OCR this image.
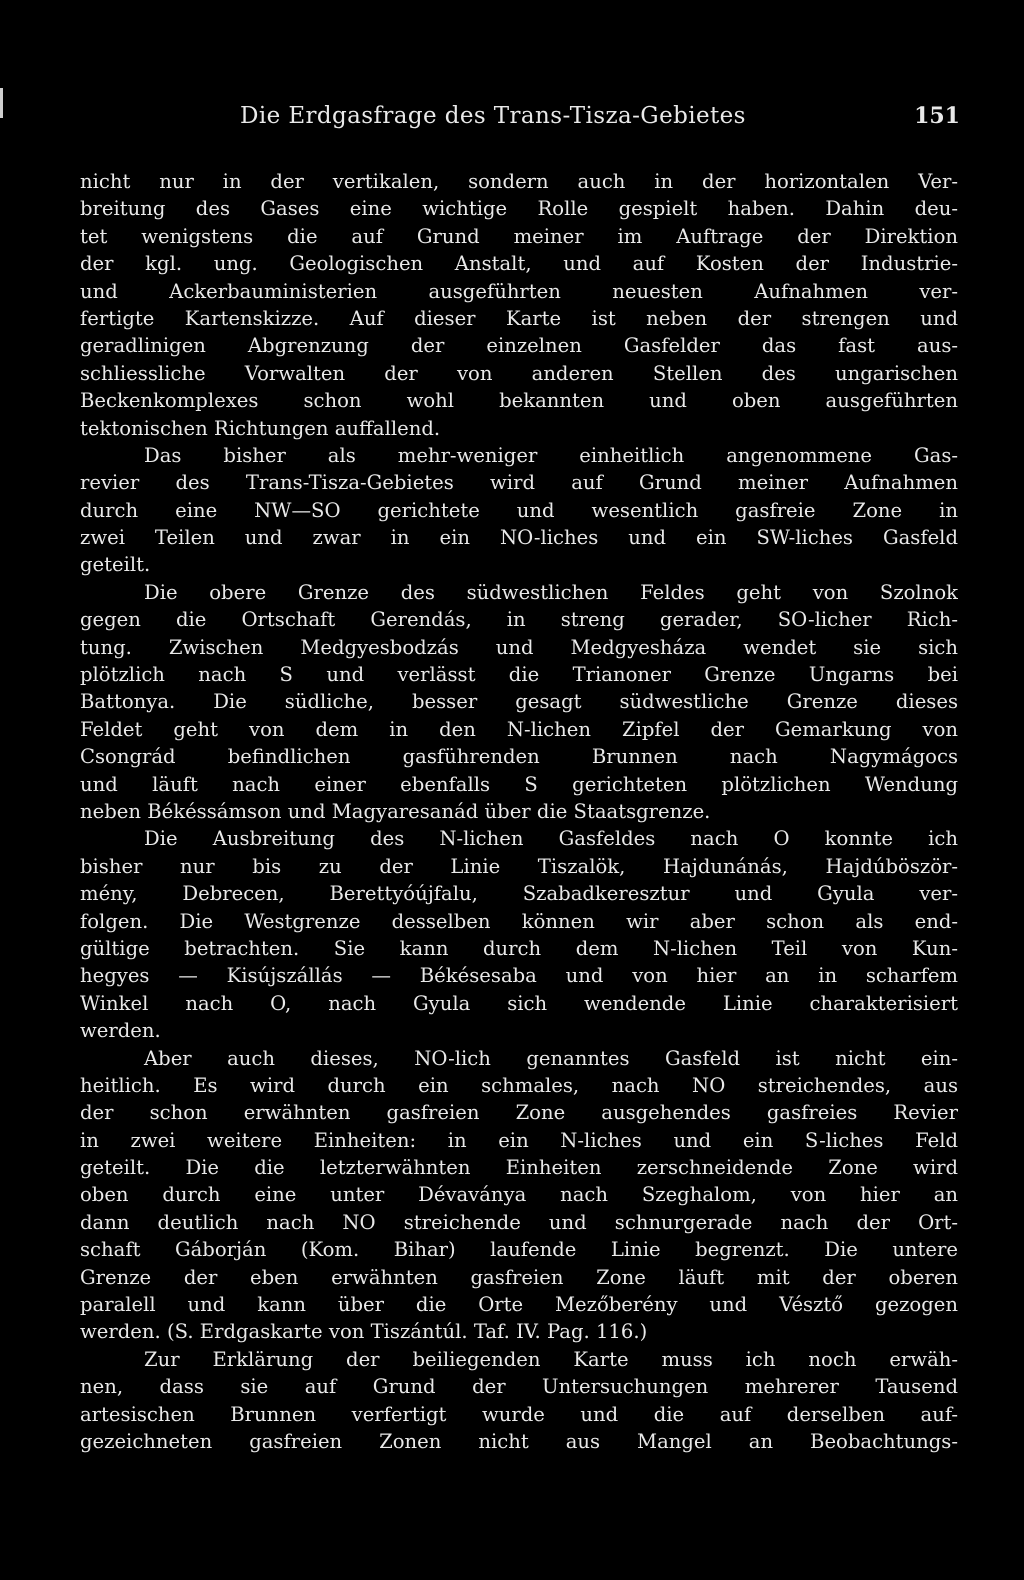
Die Erdgasfrage des Trans-Tisza-Gebietes	151
nicht nur in der vertikalen, sondern auch in der horizontalen Ver-
breitung des Gases eine wichtige Rolle gespielt haben. Dahin deu-
tet wenigstens die auf Grund meiner im Auftrage der Direktion
der kgl. ung. Geologischen Anstalt, und auf Kosten der Industrie-
und Ackerbauministerien ausgeführten neuesten Aufnahmen ver-
fertigte Kartenskizze. Auf dieser Karte ist neben der strengen und
geradlinigen Abgrenzung der einzelnen Gasfelder das fast aus-
schliessliche Vorwalten der von anderen Stellen des ungarischen
Beckenkomplexes schon wohl bekannten und oben ausgeführten
tektonischen Richtungen auffallend.
Das bisher als mehr-weniger einheitlich angenommene Gas-
revier des Trans-Tisza-Gebietes wird auf Grund meiner Aufnahmen
durch eine NW—SO gerichtete und wesentlich gasfreie Zone in
zwei Teilen und zwar in ein NO-liches und ein SW-liches Gasfeld
geteilt.
Die obere Grenze des südwestlichen Feldes geht von Szolnok
gegen die Ortschaft Gerendás, in streng gerader, SO-licher Rich-
tung. Zwischen Medgyesbodzás und Medgyesháza wendet sie sich
plötzlich nach S und verlässt die Trianoner Grenze Ungarns bei
Battonya. Die südliche, besser gesagt südwestliche Grenze dieses
Feldet geht von dem in den N-lichen Zipfel der Gemarkung von
Csongrád befindlichen gasführenden Brunnen nach Nagymágocs
und läuft nach einer ebenfalls S gerichteten plötzlichen Wendung
neben Békéssámson und Magyaresanád über die Staatsgrenze.
Die Ausbreitung des N-lichen Gasfeldes nach O konnte ich
bisher nur bis zu der Linie Tiszalök, Hajdunánás, Hajdúböször-
mény, Debrecen, Berettyóújfalu, Szabadkeresztur und Gyula ver-
folgen. Die Westgrenze desselben können wir aber schon als end-
gültige betrachten. Sie kann durch dem N-lichen Teil von Kun-
hegyes — Kisújszállás — Békésesaba und von hier an in scharfem
Winkel nach O, nach Gyula sich wendende Linie charakterisiert
werden.
Aber auch dieses, NO-lich genanntes Gasfeld ist nicht ein-
heitlich. Es wird durch ein schmales, nach NO streichendes, aus
der schon erwähnten gasfreien Zone ausgehendes gasfreies Revier
in zwei weitere Einheiten: in ein N-liches und ein S-liches Feld
geteilt. Die die letzterwähnten Einheiten zerschneidende Zone wird
oben durch eine unter Dévaványa nach Szeghalom, von hier an
dann deutlich nach NO streichende und schnurgerade nach der Ort-
schaft Gáborján (Kom. Bihar) laufende Linie begrenzt. Die untere
Grenze der eben erwähnten gasfreien Zone läuft mit der oberen
paralell und kann über die Orte Mezőberény und Vésztő gezogen
werden. (S. Erdgaskarte von Tiszántúl. Taf. IV. Pag. 116.)
Zur Erklärung der beiliegenden Karte muss ich noch erwäh-
nen, dass sie auf Grund der Untersuchungen mehrerer Tausend
artesischen Brunnen verfertigt wurde und die auf derselben auf-
gezeichneten gasfreien Zonen nicht aus Mangel an Beobachtungs-
